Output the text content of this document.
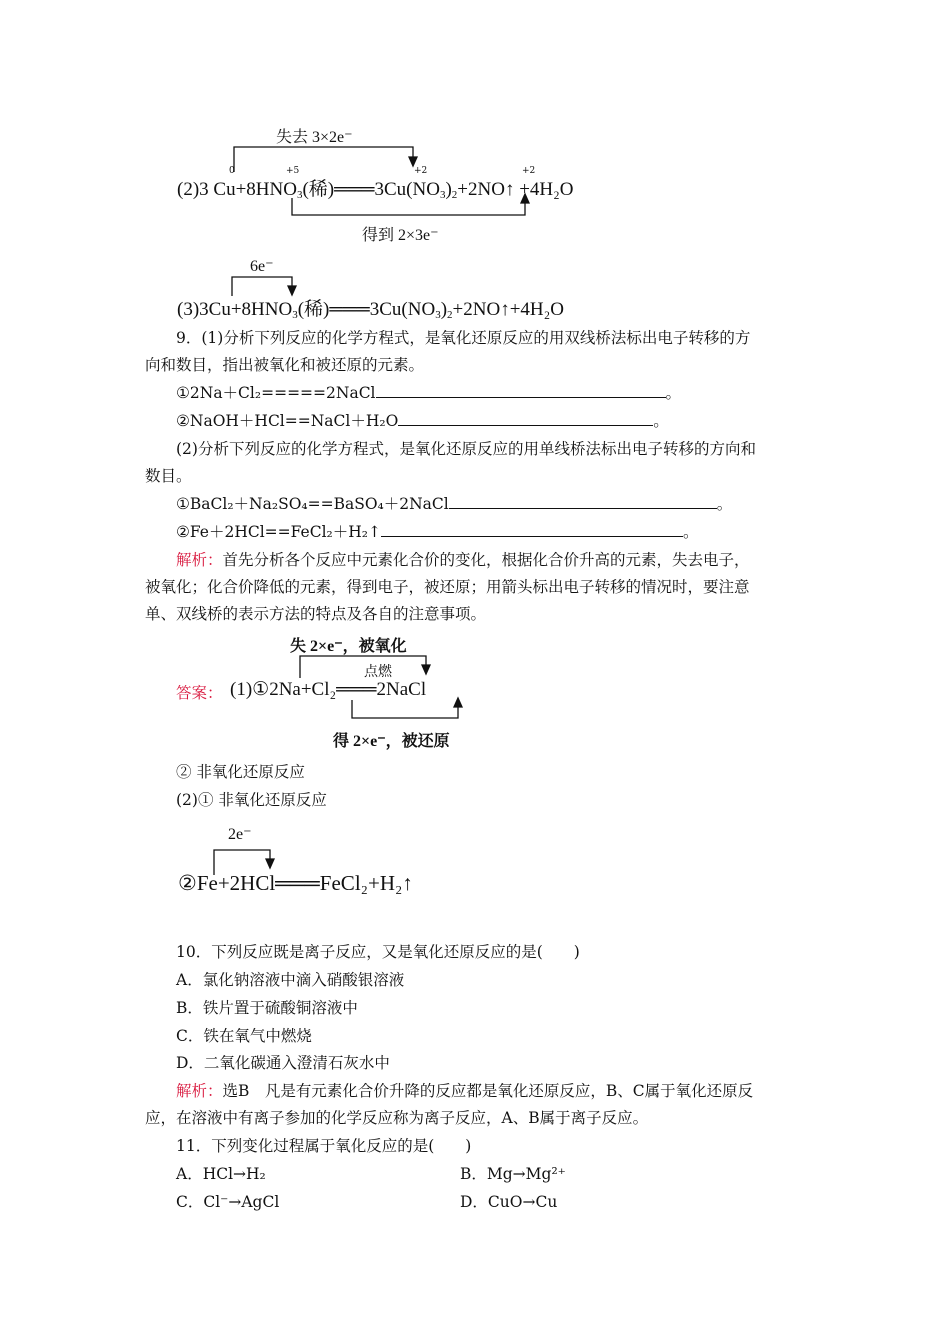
失去 3×2e⁻
0	+5	+2	+2
(2)3 $Cu+8HNO_3$(稀)$═══3Cu(NO_3)_2+2NO↑ +4H_2O$
得到 2×3e⁻
6e⁻
$(3)3Cu+8HNO_3$(稀)$═══3Cu(NO_3)_2+2NO↑+4H_2O$
9．(1)分析下列反应的化学方程式，是氧化还原反应的用双线桥法标出电子转移的方
向和数目，指出被氧化和被还原的元素。
①2Na＋Cl₂=====2NaCl	。
②NaOH＋HCl==NaCl＋H₂O	。
(2)分析下列反应的化学方程式，是氧化还原反应的用单线桥法标出电子转移的方向和
数目。
①BaCl₂＋Na₂SO₄==BaSO₄＋2NaCl	。
②Fe＋2HCl==FeCl₂＋H₂↑	。
解析：首先分析各个反应中元素化合价的变化，根据化合价升高的元素，失去电子，
被氧化；化合价降低的元素，得到电子，被还原；用箭头标出电子转移的情况时，要注意
单、双线桥的表示方法的特点及各自的注意事项。
失 2×e⁻，被氧化
点燃
答案： (1)①2Na+Cl₂═══2NaCl
得 2×e⁻，被还原
② 非氧化还原反应
(2)① 非氧化还原反应
2e⁻
②Fe+2HCl═══FeCl₂+H₂↑
10．下列反应既是离子反应，又是氧化还原反应的是(　　)
A．氯化钠溶液中滴入硝酸银溶液
B．铁片置于硫酸铜溶液中
C．铁在氧气中燃烧
D．二氧化碳通入澄清石灰水中
解析：选B　凡是有元素化合价升降的反应都是氧化还原反应，B、C属于氧化还原反
应，在溶液中有离子参加的化学反应称为离子反应，A、B属于离子反应。
11．下列变化过程属于氧化反应的是(　　)
A．HCl→H₂	B．Mg→Mg²⁺
C．Cl⁻→AgCl	D．CuO→Cu
